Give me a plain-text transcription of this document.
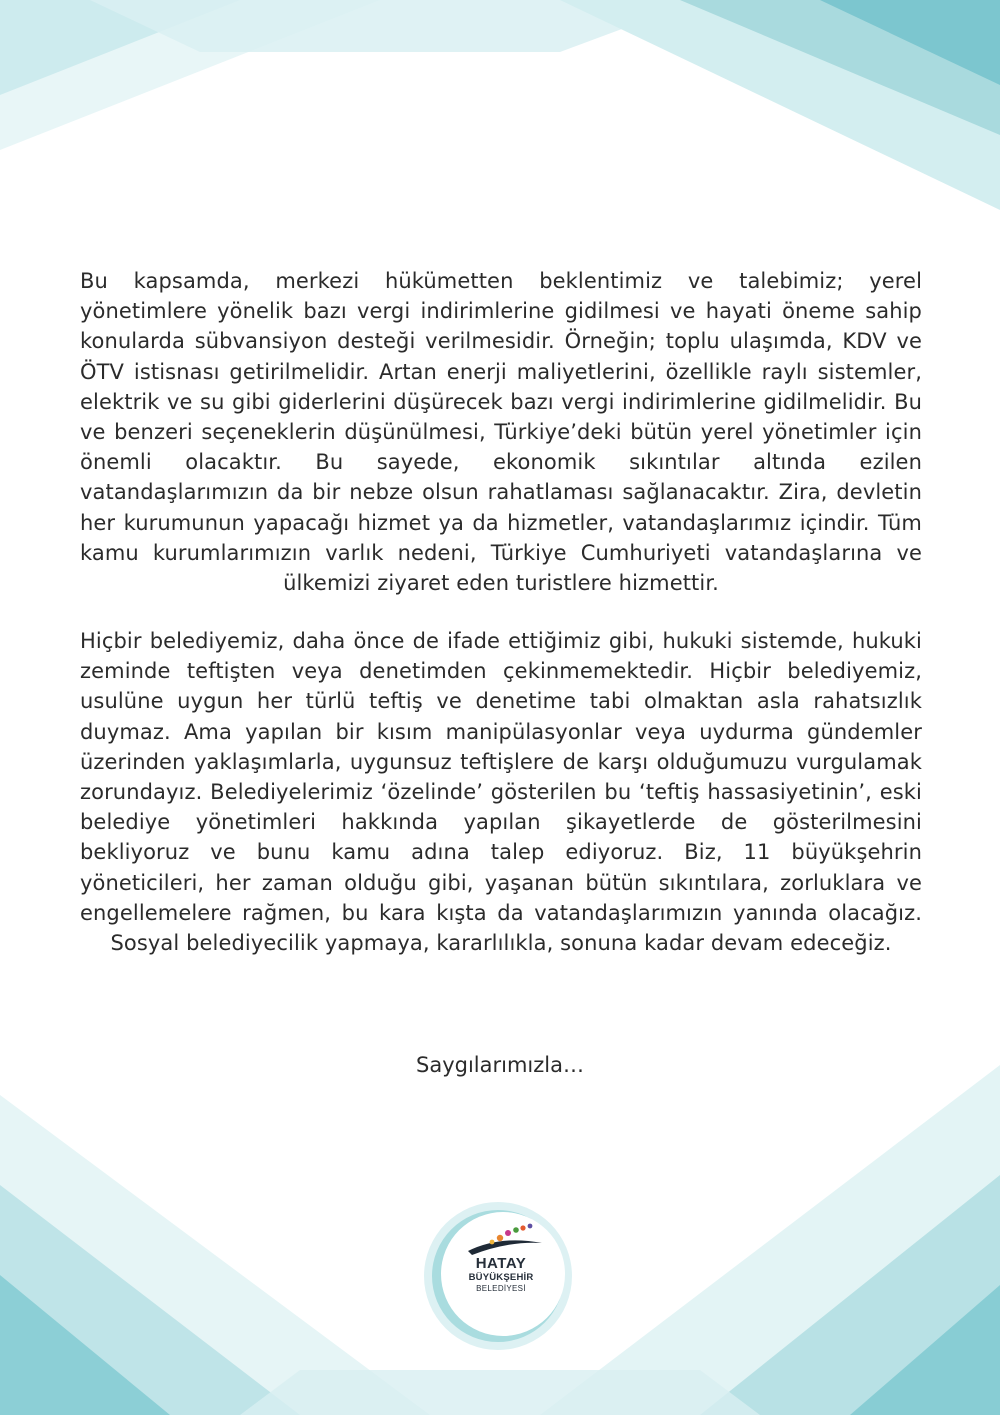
Bu kapsamda, merkezi hükümetten beklentimiz ve talebimiz; yerel yönetimlere yönelik bazı vergi indirimlerine gidilmesi ve hayati öneme sahip konularda sübvansiyon desteği verilmesidir. Örneğin; toplu ulaşımda, KDV ve ÖTV istisnası getirilmelidir. Artan enerji maliyetlerini, özellikle raylı sistemler, elektrik ve su gibi giderlerini düşürecek bazı vergi indirimlerine gidilmelidir. Bu ve benzeri seçeneklerin düşünülmesi, Türkiye’deki bütün yerel yönetimler için önemli olacaktır. Bu sayede, ekonomik sıkıntılar altında ezilen vatandaşlarımızın da bir nebze olsun rahatlaması sağlanacaktır. Zira, devletin her kurumunun yapacağı hizmet ya da hizmetler, vatandaşlarımız içindir. Tüm kamu kurumlarımızın varlık nedeni, Türkiye Cumhuriyeti vatandaşlarına ve ülkemizi ziyaret eden turistlere hizmettir.

Hiçbir belediyemiz, daha önce de ifade ettiğimiz gibi, hukuki sistemde, hukuki zeminde teftişten veya denetimden çekinmemektedir. Hiçbir belediyemiz, usulüne uygun her türlü teftiş ve denetime tabi olmaktan asla rahatsızlık duymaz. Ama yapılan bir kısım manipülasyonlar veya uydurma gündemler üzerinden yaklaşımlarla, uygunsuz teftişlere de karşı olduğumuzu vurgulamak zorundayız. Belediyelerimiz ‘özelinde’ gösterilen bu ‘teftiş hassasiyetinin’, eski belediye yönetimleri hakkında yapılan şikayetlerde de gösterilmesini bekliyoruz ve bunu kamu adına talep ediyoruz. Biz, 11 büyükşehrin yöneticileri, her zaman olduğu gibi, yaşanan bütün sıkıntılara, zorluklara ve engellemelere rağmen, bu kara kışta da vatandaşlarımızın yanında olacağız. Sosyal belediyecilik yapmaya, kararlılıkla, sonuna kadar devam edeceğiz.

Saygılarımızla…

HATAY

BÜYÜKŞEHİR

BELEDİYESİ
